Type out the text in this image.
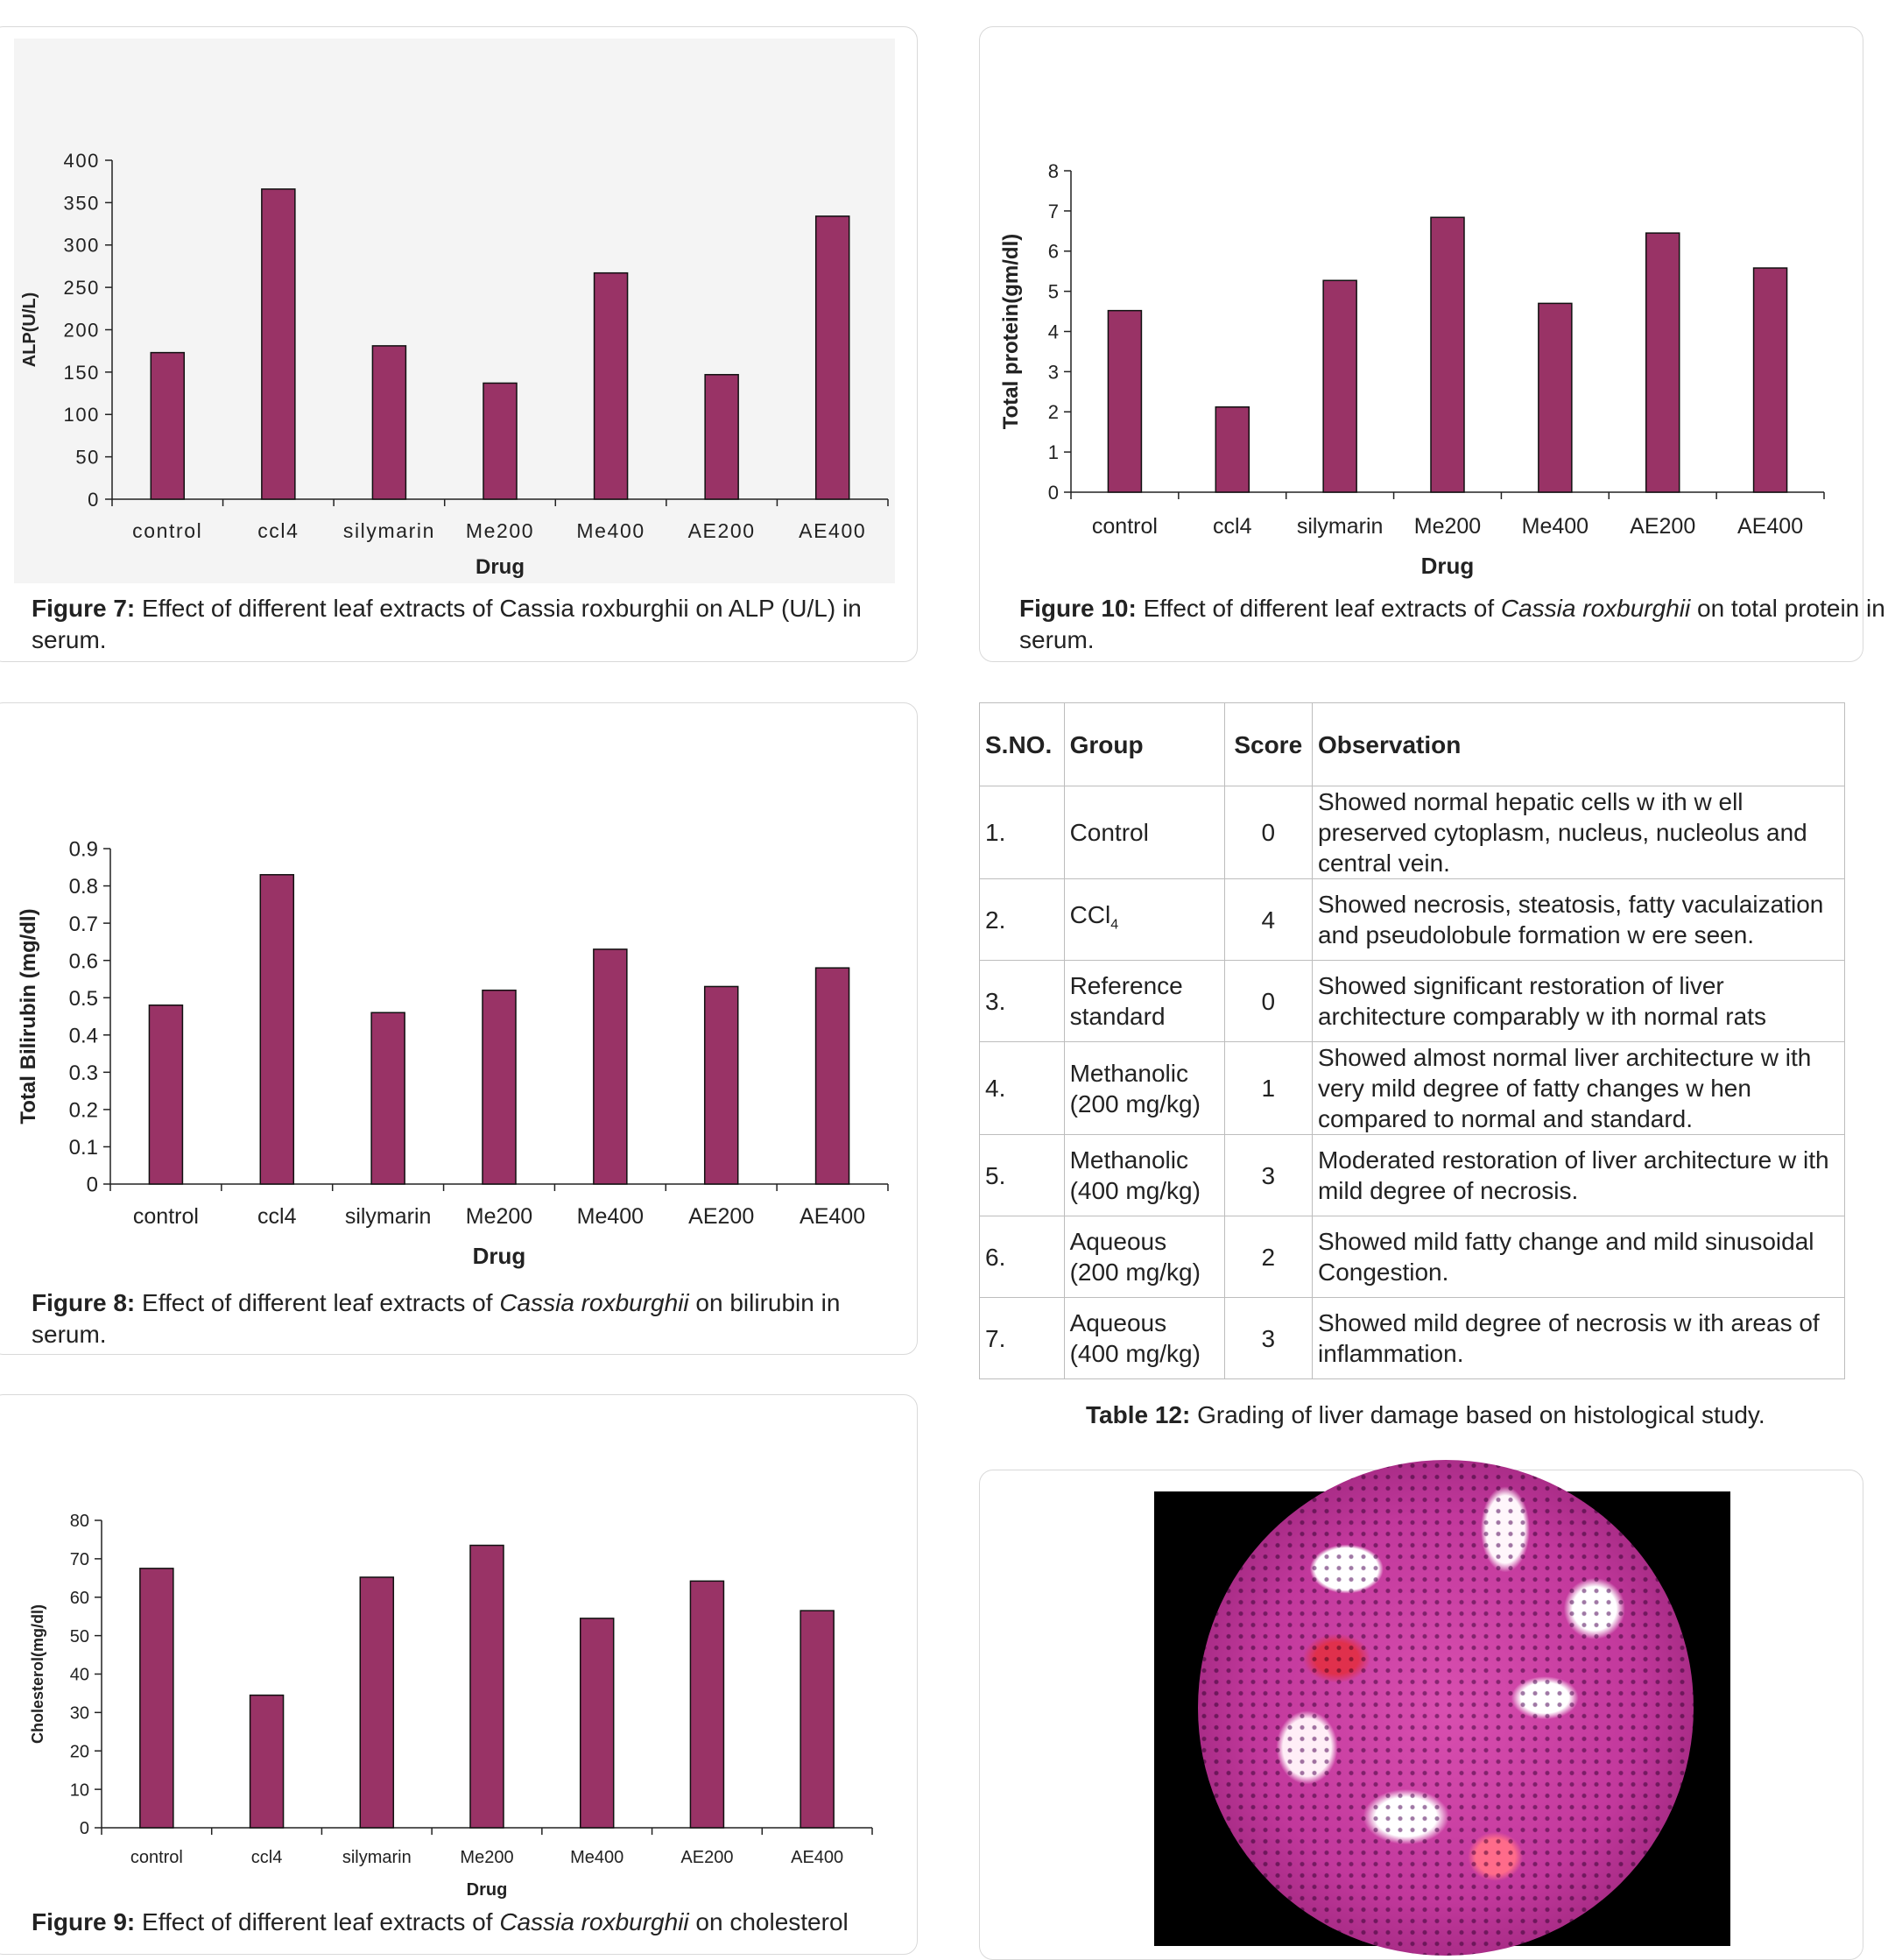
0
50
100
150
200
250
300
350
400
control	ccl4 silymarin Me200 Me400 AE200 AE400
Drug
ALP(U/L)
0
1
2
3
4
5
6
7
8
control	ccl4 silymarin Me200 Me400 AE200 AE400
Drug
Total protein(gm/dl)
0
0.1
0.2
0.3
0.4
0.5
0.6
0.7
0.8
0.9
control	ccl4 silymarin Me200 Me400 AE200 AE400
Drug
Total Bilirubin (mg/dl)
0
10
20
30
40
50
60
70
80
control	ccl4	silymarin	Me200	Me400	AE200	AE400
Drug
Cholesterol(mg/dl)
Figure 7: Effect of different leaf extracts of Cassia roxburghii on ALP (U/L) in serum.
Figure 10: Effect of different leaf extracts of Cassia roxburghii on total protein in serum.
Figure 8: Effect of different leaf extracts of Cassia roxburghii on bilirubin in serum.
Figure 9: Effect of different leaf extracts of Cassia roxburghii on cholesterol
S.NO.	Group	Score	Observation
1.	Control	0	Showed normal hepatic cells w ith w ell preserved cytoplasm, nucleus, nucleolus and central vein.
2.	CCl$_4$	4	Showed necrosis, steatosis, fatty vaculaization and pseudolobule formation w ere seen.
3.	Reference standard	0	Showed significant restoration of liver architecture comparably w ith normal rats
4.	Methanolic (200 mg/kg)	1	Showed almost normal liver architecture w ith very mild degree of fatty changes w hen compared to normal and standard.
5.	Methanolic (400 mg/kg)	3	Moderated restoration of liver architecture w ith mild degree of necrosis.
6.	Aqueous (200 mg/kg)	2	Showed mild fatty change and mild sinusoidal Congestion.
7.	Aqueous (400 mg/kg)	3	Showed mild degree of necrosis w ith areas of inflammation.
Table 12: Grading of liver damage based on histological study.
